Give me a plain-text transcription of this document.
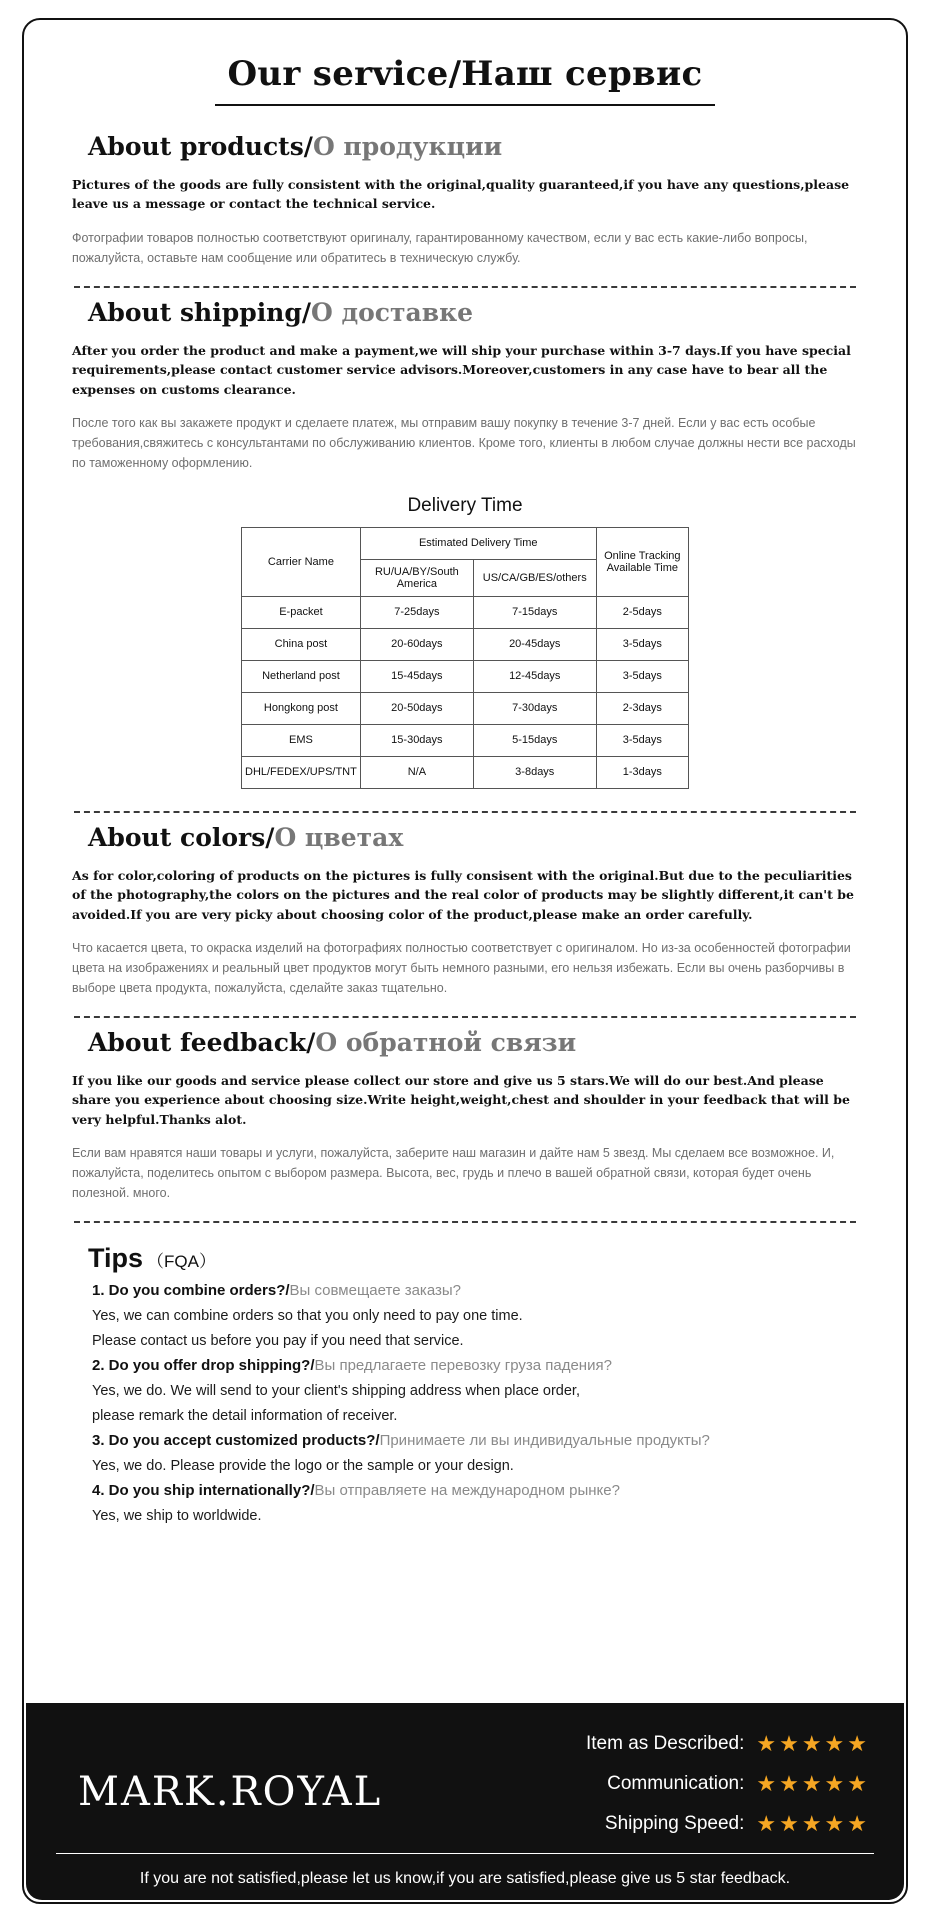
Our service/Наш сервис
About products/О продукции

Pictures of the goods are fully consistent with the original,quality guaranteed,if you have any questions,please leave us a message or contact the technical service.

Фотографии товаров полностью соответствуют оригиналу, гарантированному качеством, если у вас есть какие-либо вопросы, пожалуйста, оставьте нам сообщение или обратитесь в техническую службу.

About shipping/О доставке

After you order the product and make a payment,we will ship your purchase within 3-7 days.If you have special requirements,please contact customer service advisors.Moreover,customers in any case have to bear all the expenses on customs clearance.

После того как вы закажете продукт и сделаете платеж, мы отправим вашу покупку в течение 3-7 дней. Если у вас есть особые требования,свяжитесь с консультантами по обслуживанию клиентов. Кроме того, клиенты в любом случае должны нести все расходы по таможенному оформлению.

Delivery Time
Carrier Name	Estimated Delivery Time		Online Tracking Available Time
	RU/UA/BY/South America	US/CA/GB/ES/others	
E-packet	7-25days	7-15days	2-5days
China post	20-60days	20-45days	3-5days
Netherland post	15-45days	12-45days	3-5days
Hongkong post	20-50days	7-30days	2-3days
EMS	15-30days	5-15days	3-5days
DHL/FEDEX/UPS/TNT	N/A	3-8days	1-3days
About colors/О цветах

As for color,coloring of products on the pictures is fully consisent with the original.But due to the peculiarities of the photography,the colors on the pictures and the real color of products may be slightly different,it can't be avoided.If you are very picky about choosing color of the product,please make an order carefully.

Что касается цвета, то окраска изделий на фотографиях полностью соответствует с оригиналом. Но из-за особенностей фотографии цвета на изображениях и реальный цвет продуктов могут быть немного разными, его нельзя избежать. Если вы очень разборчивы в выборе цвета продукта, пожалуйста, сделайте заказ тщательно.

About feedback/О обратной связи

If you like our goods and service please collect our store and give us 5 stars.We will do our best.And please share you experience about choosing size.Write height,weight,chest and shoulder in your feedback that will be very helpful.Thanks alot.

Если вам нравятся наши товары и услуги, пожалуйста, заберите наш магазин и дайте нам 5 звезд. Мы сделаем все возможное. И, пожалуйста, поделитесь опытом с выбором размера. Высота, вес, грудь и плечо в вашей обратной связи, которая будет очень полезной. много.

Tips （FQA）
1. Do you combine orders?/Вы совмещаете заказы?
Yes, we can combine orders so that you only need to pay one time.
Please contact us before you pay if you need that service.
2. Do you offer drop shipping?/Вы предлагаете перевозку груза падения?
Yes, we do. We will send to your client's shipping address when place order,
please remark the detail information of receiver.
3. Do you accept customized products?/Принимаете ли вы индивидуальные продукты?
Yes, we do. Please provide the logo or the sample or your design.
4. Do you ship internationally?/Вы отправляете на международном рынке?
Yes, we ship to worldwide.
MARK.ROYAL
Item as Described: ★★★★★
Communication: ★★★★★
Shipping Speed: ★★★★★
If you are not satisfied,please let us know,if you are satisfied,please give us 5 star feedback.
